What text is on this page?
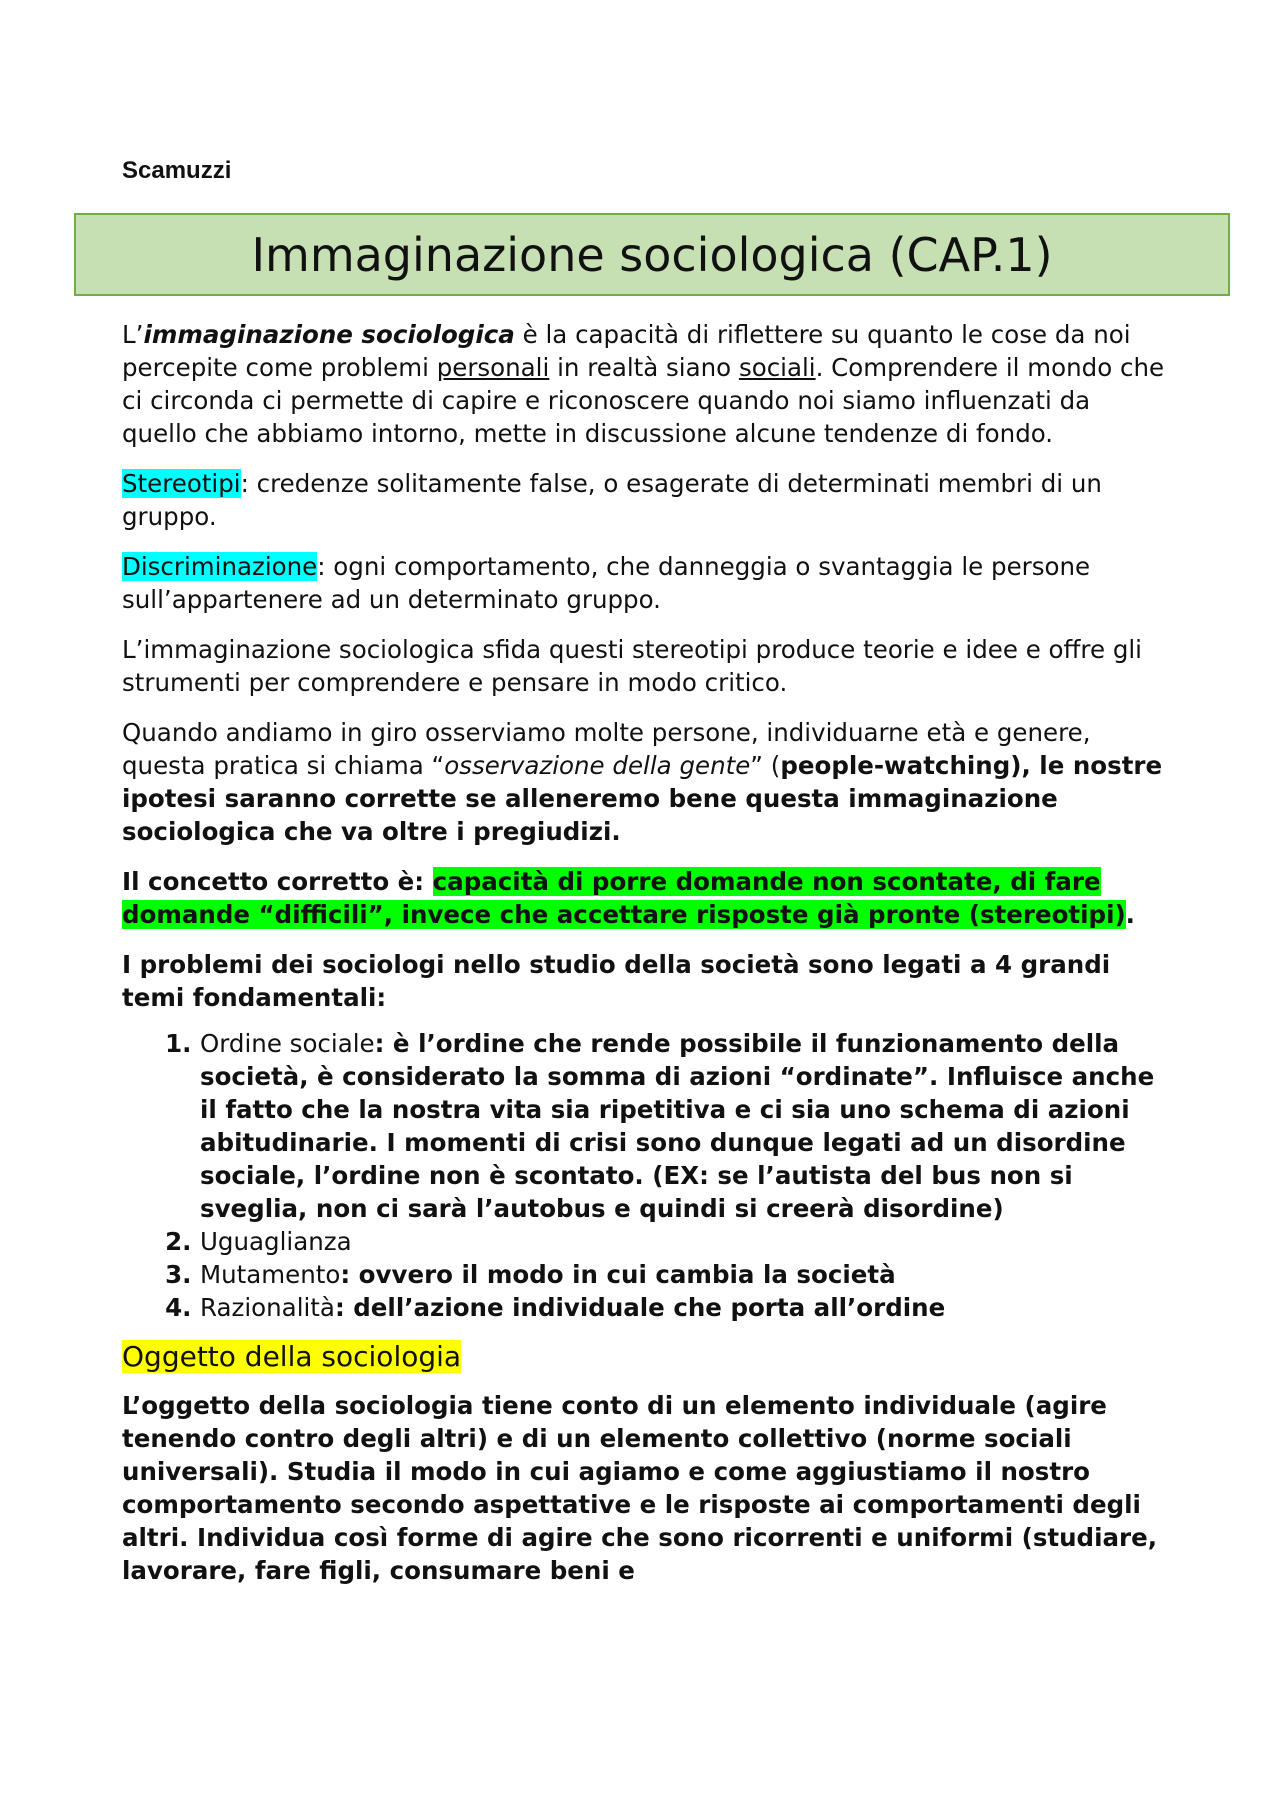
Scamuzzi
Immaginazione sociologica (CAP.1)

L’immaginazione sociologica è la capacità di riflettere su quanto le cose da noi percepite come problemi personali in realtà siano sociali. Comprendere il mondo che ci circonda ci permette di capire e riconoscere quando noi siamo influenzati da quello che abbiamo intorno, mette in discussione alcune tendenze di fondo.

Stereotipi: credenze solitamente false, o esagerate di determinati membri di un gruppo.

Discriminazione: ogni comportamento, che danneggia o svantaggia le persone sull’appartenere ad un determinato gruppo.

L’immaginazione sociologica sfida questi stereotipi produce teorie e idee e offre gli strumenti per comprendere e pensare in modo critico.

Quando andiamo in giro osserviamo molte persone, individuarne età e genere, questa pratica si chiama “osservazione della gente” (people-watching), le nostre ipotesi saranno corrette se alleneremo bene questa immaginazione sociologica che va oltre i pregiudizi.

Il concetto corretto è: capacità di porre domande non scontate, di fare domande “difficili”, invece che accettare risposte già pronte (stereotipi).

I problemi dei sociologi nello studio della società sono legati a 4 grandi temi fondamentali:

1. Ordine sociale: è l’ordine che rende possibile il funzionamento della società, è considerato la somma di azioni “ordinate”. Influisce anche il fatto che la nostra vita sia ripetitiva e ci sia uno schema di azioni abitudinarie. I momenti di crisi sono dunque legati ad un disordine sociale, l’ordine non è scontato. (EX: se l’autista del bus non si sveglia, non ci sarà l’autobus e quindi si creerà disordine)
2. Uguaglianza
3. Mutamento: ovvero il modo in cui cambia la società
4. Razionalità: dell’azione individuale che porta all’ordine
Oggetto della sociologia

L’oggetto della sociologia tiene conto di un elemento individuale (agire tenendo contro degli altri) e di un elemento collettivo (norme sociali universali). Studia il modo in cui agiamo e come aggiustiamo il nostro comportamento secondo aspettative e le risposte ai comportamenti degli altri. Individua così forme di agire che sono ricorrenti e uniformi (studiare, lavorare, fare figli, consumare beni e
